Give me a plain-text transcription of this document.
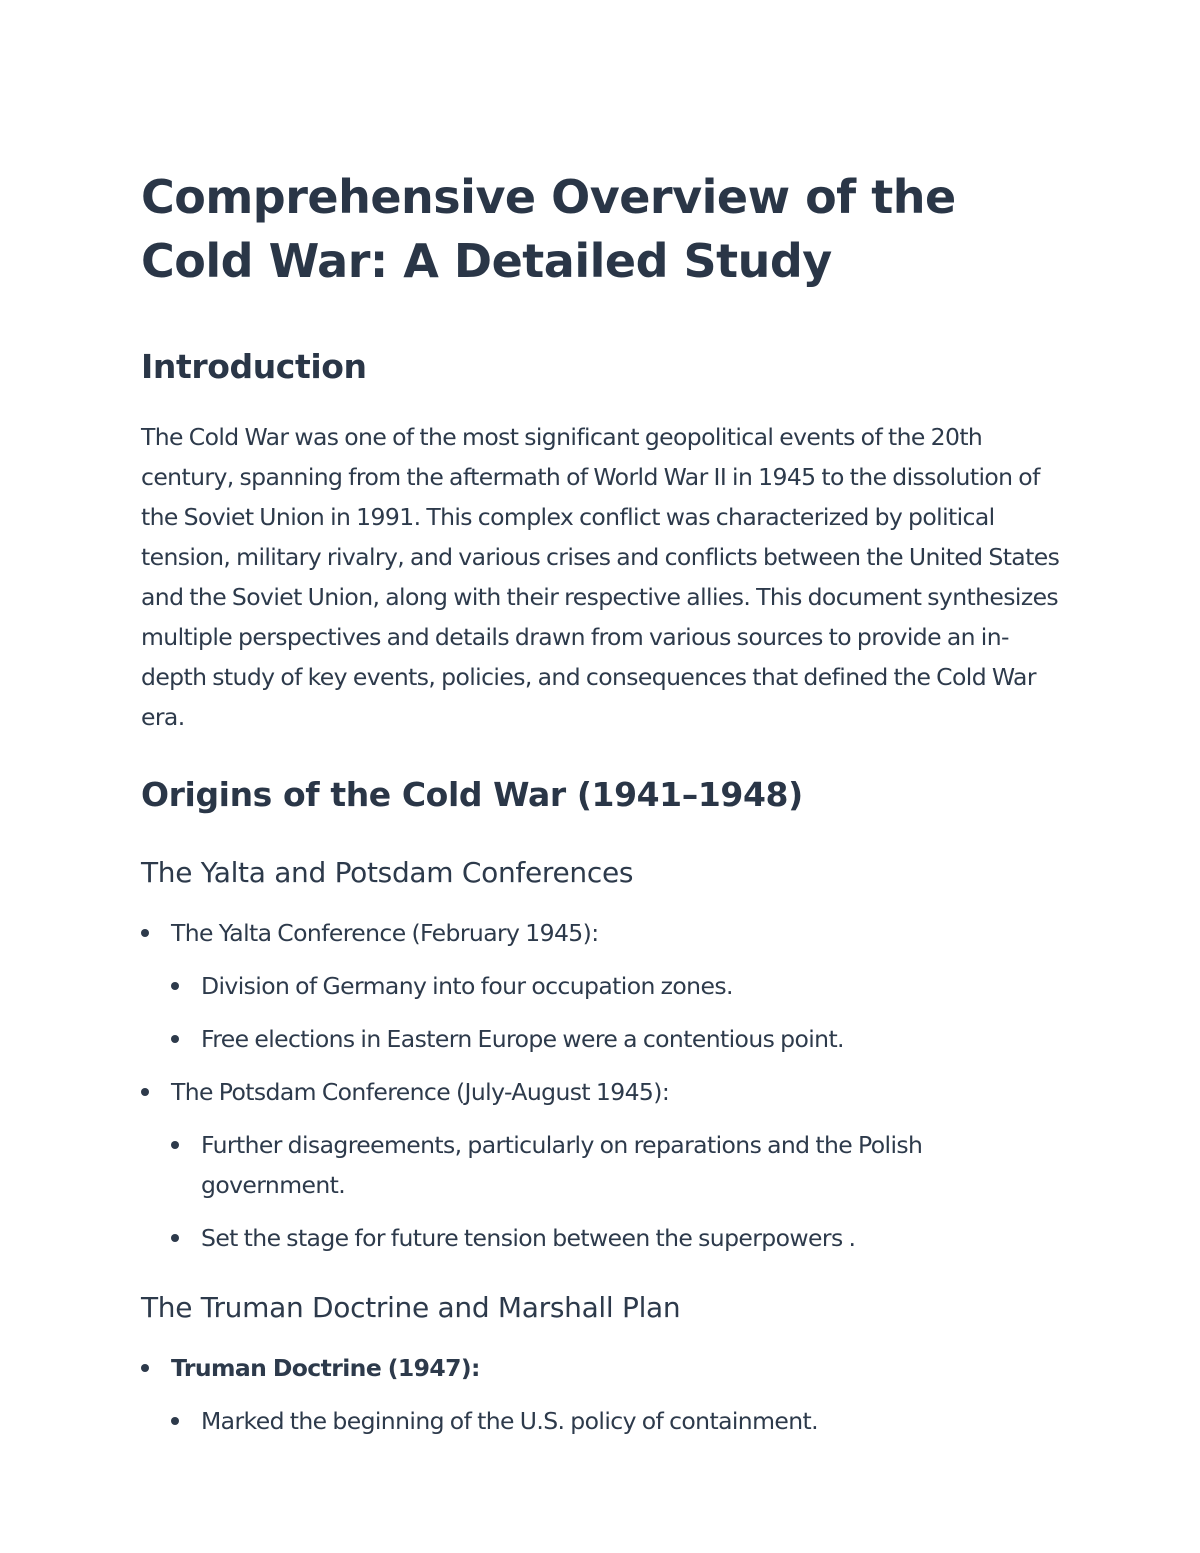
Comprehensive Overview of the Cold War: A Detailed Study
Introduction

The Cold War was one of the most significant geopolitical events of the 20th century, spanning from the aftermath of World War II in 1945 to the dissolution of the Soviet Union in 1991. This complex conflict was characterized by political tension, military rivalry, and various crises and conflicts between the United States and the Soviet Union, along with their respective allies. This document synthesizes multiple perspectives and details drawn from various sources to provide an in-depth study of key events, policies, and consequences that defined the Cold War era.

Origins of the Cold War (1941–1948)
The Yalta and Potsdam Conferences
The Yalta Conference (February 1945):
Division of Germany into four occupation zones.
Free elections in Eastern Europe were a contentious point.
The Potsdam Conference (July-August 1945):
Further disagreements, particularly on reparations and the Polish government.
Set the stage for future tension between the superpowers .
The Truman Doctrine and Marshall Plan
Truman Doctrine (1947):
Marked the beginning of the U.S. policy of containment.
